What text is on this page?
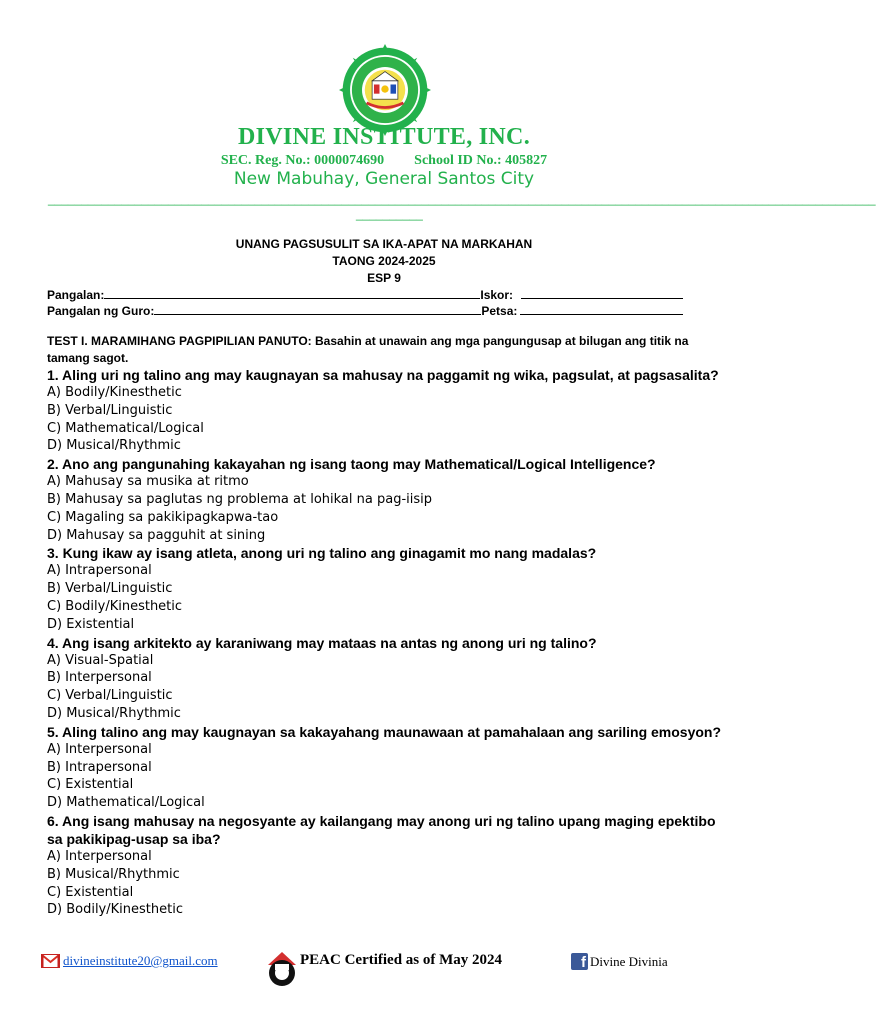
DIVINE INSTITUTE, INC.
SEC. Reg. No.: 0000074690 School ID No.: 405827
New Mabuhay, General Santos City
____________________________________________________________________________________________________________________________
__________
UNANG PAGSUSULIT SA IKA-APAT NA MARKAHAN
TAONG 2024-2025
ESP 9
Pangalan:	Iskor:
Pangalan ng Guro:	Petsa:
TEST I. MARAMIHANG PAGPIPILIAN PANUTO: Basahin at unawain ang mga pangungusap at bilugan ang titik na tamang sagot.

1. Aling uri ng talino ang may kaugnayan sa mahusay na paggamit ng wika, pagsulat, at pagsasalita?

A) Bodily/Kinesthetic

B) Verbal/Linguistic

C) Mathematical/Logical

D) Musical/Rhythmic

2. Ano ang pangunahing kakayahan ng isang taong may Mathematical/Logical Intelligence?

A) Mahusay sa musika at ritmo

B) Mahusay sa paglutas ng problema at lohikal na pag-iisip

C) Magaling sa pakikipagkapwa-tao

D) Mahusay sa pagguhit at sining

3. Kung ikaw ay isang atleta, anong uri ng talino ang ginagamit mo nang madalas?

A) Intrapersonal

B) Verbal/Linguistic

C) Bodily/Kinesthetic

D) Existential

4. Ang isang arkitekto ay karaniwang may mataas na antas ng anong uri ng talino?

A) Visual-Spatial

B) Interpersonal

C) Verbal/Linguistic

D) Musical/Rhythmic

5. Aling talino ang may kaugnayan sa kakayahang maunawaan at pamahalaan ang sariling emosyon?

A) Interpersonal

B) Intrapersonal

C) Existential

D) Mathematical/Logical

6. Ang isang mahusay na negosyante ay kailangang may anong uri ng talino upang maging epektibo sa pakikipag-usap sa iba?

A) Interpersonal

B) Musical/Rhythmic

C) Existential

D) Bodily/Kinesthetic

divineinstitute20@gmail.com	PEAC Certified as of May 2024	f Divine Divinia
